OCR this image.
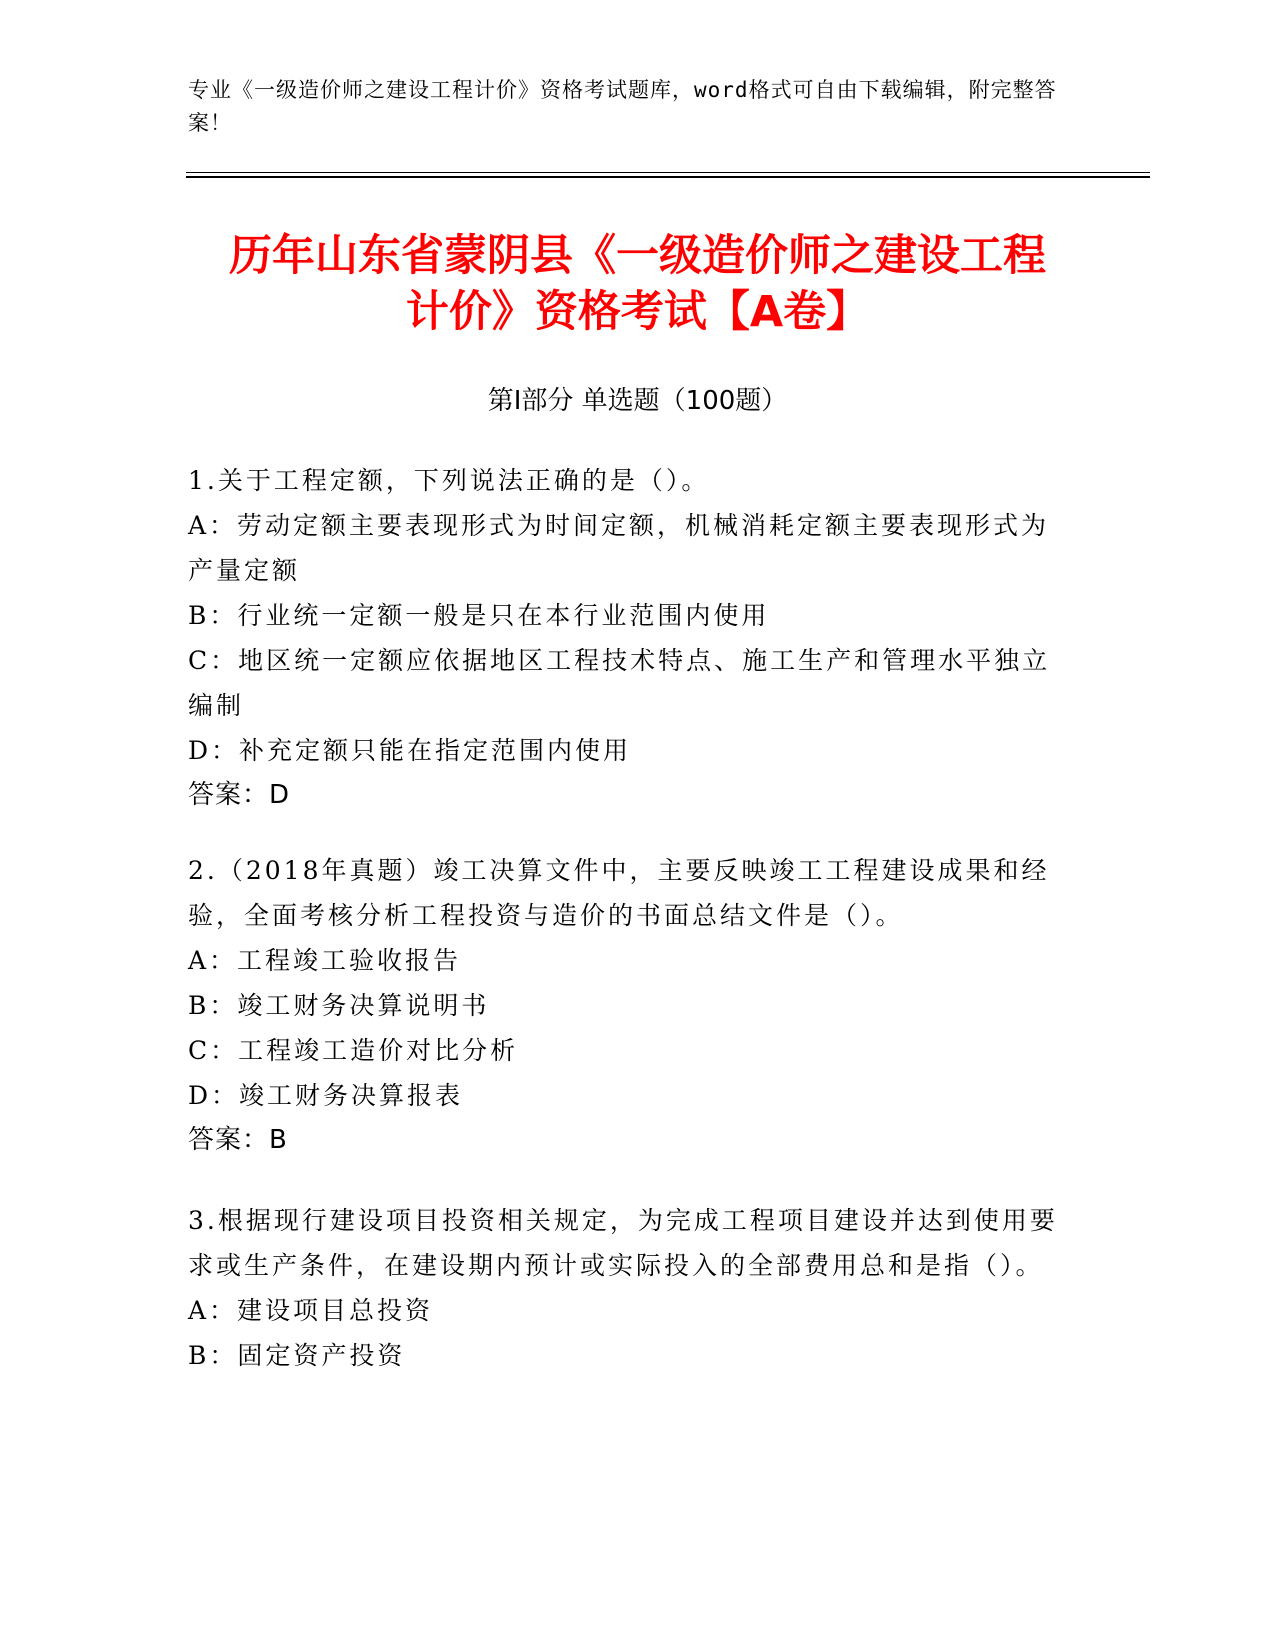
专业《一级造价师之建设工程计价》资格考试题库，word格式可自由下载编辑，附完整答案！
历年山东省蒙阴县《一级造价师之建设工程
计价》资格考试【A卷】
第I部分 单选题（100题）
1.关于工程定额，下列说法正确的是（）。
A：劳动定额主要表现形式为时间定额，机械消耗定额主要表现形式为产量定额
B：行业统一定额一般是只在本行业范围内使用
C：地区统一定额应依据地区工程技术特点、施工生产和管理水平独立编制
D：补充定额只能在指定范围内使用
答案：D
2.（2018年真题）竣工决算文件中，主要反映竣工工程建设成果和经验，全面考核分析工程投资与造价的书面总结文件是（）。
A：工程竣工验收报告
B：竣工财务决算说明书
C：工程竣工造价对比分析
D：竣工财务决算报表
答案：B
3.根据现行建设项目投资相关规定，为完成工程项目建设并达到使用要求或生产条件，在建设期内预计或实际投入的全部费用总和是指（）。
A：建设项目总投资
B：固定资产投资
